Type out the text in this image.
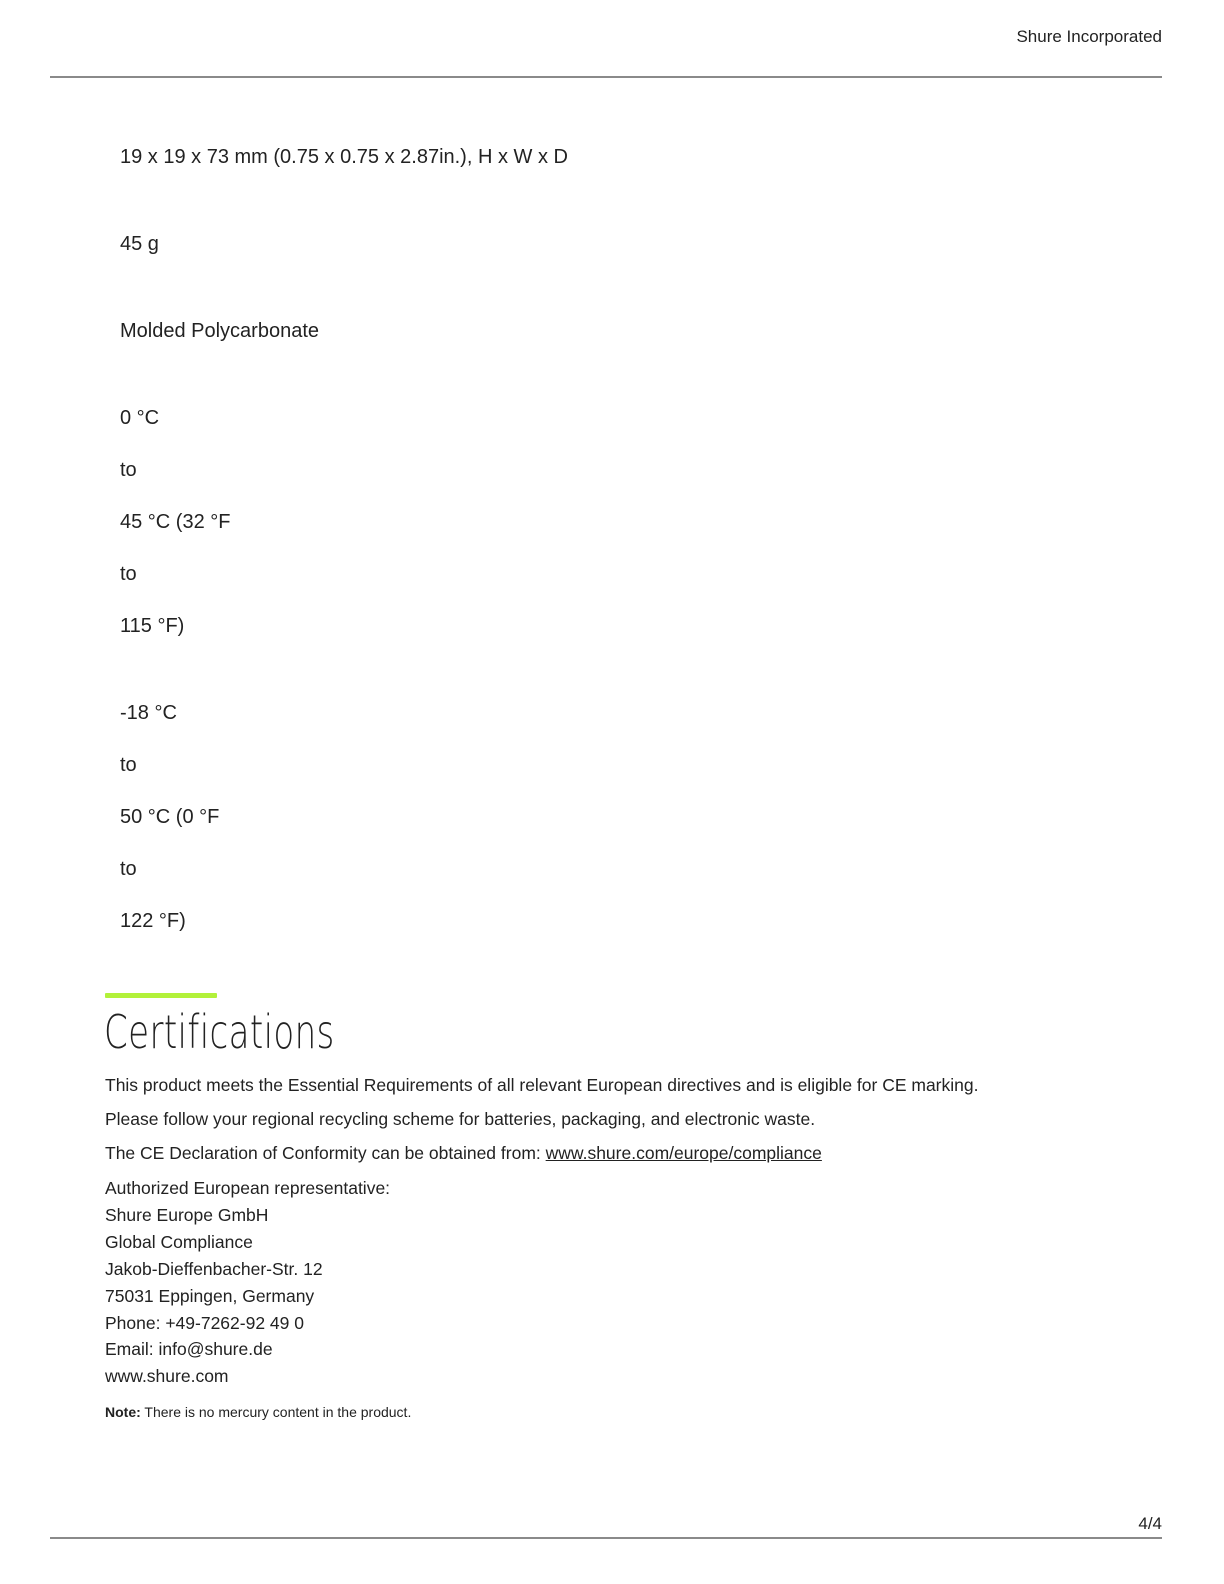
Shure Incorporated
19 x 19 x 73 mm (0.75 x 0.75 x 2.87in.), H x W x D
45 g
Molded Polycarbonate
0 °C
to
45 °C (32 °F
to
115 °F)
-18 °C
to
50 °C (0 °F
to
122 °F)
Certifications
This product meets the Essential Requirements of all relevant European directives and is eligible for CE marking.
Please follow your regional recycling scheme for batteries, packaging, and electronic waste.
The CE Declaration of Conformity can be obtained from: www.shure.com/europe/compliance
Authorized European representative:
Shure Europe GmbH
Global Compliance
Jakob-Dieffenbacher-Str. 12
75031 Eppingen, Germany
Phone: +49-7262-92 49 0
Email: info@shure.de
www.shure.com
Note: There is no mercury content in the product.
4/4
